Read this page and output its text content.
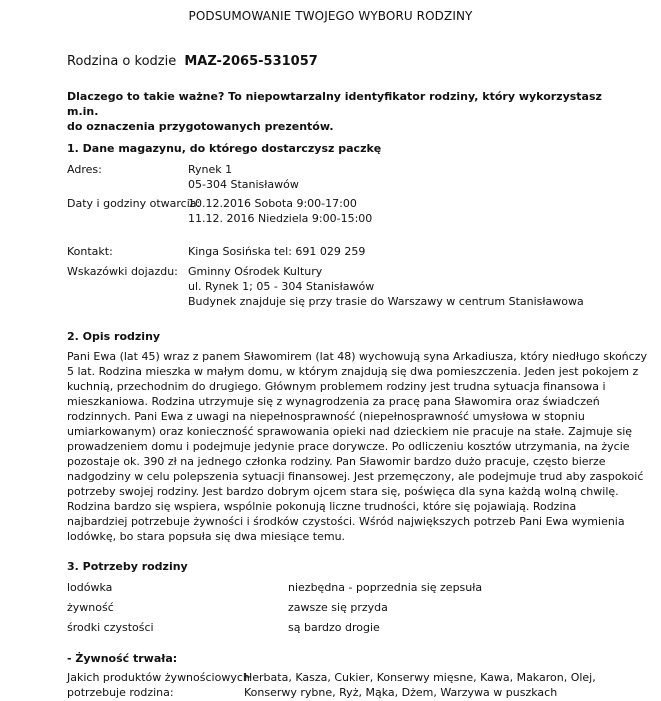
PODSUMOWANIE TWOJEGO WYBORU RODZINY
Rodzina o kodzie MAZ-2065-531057
Dlaczego to takie ważne? To niepowtarzalny identyfikator rodziny, który wykorzystasz m.in.
do oznaczenia przygotowanych prezentów.
1. Dane magazynu, do którego dostarczysz paczkę
Adres:	Rynek 1
05-304 Stanisławów
Daty i godziny otwarcia:
10.12.2016 Sobota 9:00-17:00
11.12. 2016 Niedziela 9:00-15:00
Kontakt:	Kinga Sosińska tel: 691 029 259
Wskazówki dojazdu: Gminny Ośrodek Kultury
ul. Rynek 1; 05 - 304 Stanisławów
Budynek znajduje się przy trasie do Warszawy w centrum Stanisławowa
2. Opis rodziny
Pani Ewa (lat 45) wraz z panem Sławomirem (lat 48) wychowują syna Arkadiusza, który niedługo skończy
5 lat. Rodzina mieszka w małym domu, w którym znajdują się dwa pomieszczenia. Jeden jest pokojem z
kuchnią, przechodnim do drugiego. Głównym problemem rodziny jest trudna sytuacja finansowa i
mieszkaniowa. Rodzina utrzymuje się z wynagrodzenia za pracę pana Sławomira oraz świadczeń
rodzinnych. Pani Ewa z uwagi na niepełnosprawność (niepełnosprawność umysłowa w stopniu
umiarkowanym) oraz konieczność sprawowania opieki nad dzieckiem nie pracuje na stałe. Zajmuje się
prowadzeniem domu i podejmuje jedynie prace dorywcze. Po odliczeniu kosztów utrzymania, na życie
pozostaje ok. 390 zł na jednego członka rodziny. Pan Sławomir bardzo dużo pracuje, często bierze
nadgodziny w celu polepszenia sytuacji finansowej. Jest przemęczony, ale podejmuje trud aby zaspokoić
potrzeby swojej rodziny. Jest bardzo dobrym ojcem stara się, poświęca dla syna każdą wolną chwilę.
Rodzina bardzo się wspiera, wspólnie pokonują liczne trudności, które się pojawiają. Rodzina
najbardziej potrzebuje żywności i środków czystości. Wśród największych potrzeb Pani Ewa wymienia
lodówkę, bo stara popsuła się dwa miesiące temu.
3. Potrzeby rodziny
lodówka	niezbędna - poprzednia się zepsuła
żywność	zawsze się przyda
środki czystości	są bardzo drogie
- Żywność trwała:
Jakich produktów żywnościowych
potrzebuje rodzina:
Herbata, Kasza, Cukier, Konserwy mięsne, Kawa, Makaron, Olej,
Konserwy rybne, Ryż, Mąka, Dżem, Warzywa w puszkach
